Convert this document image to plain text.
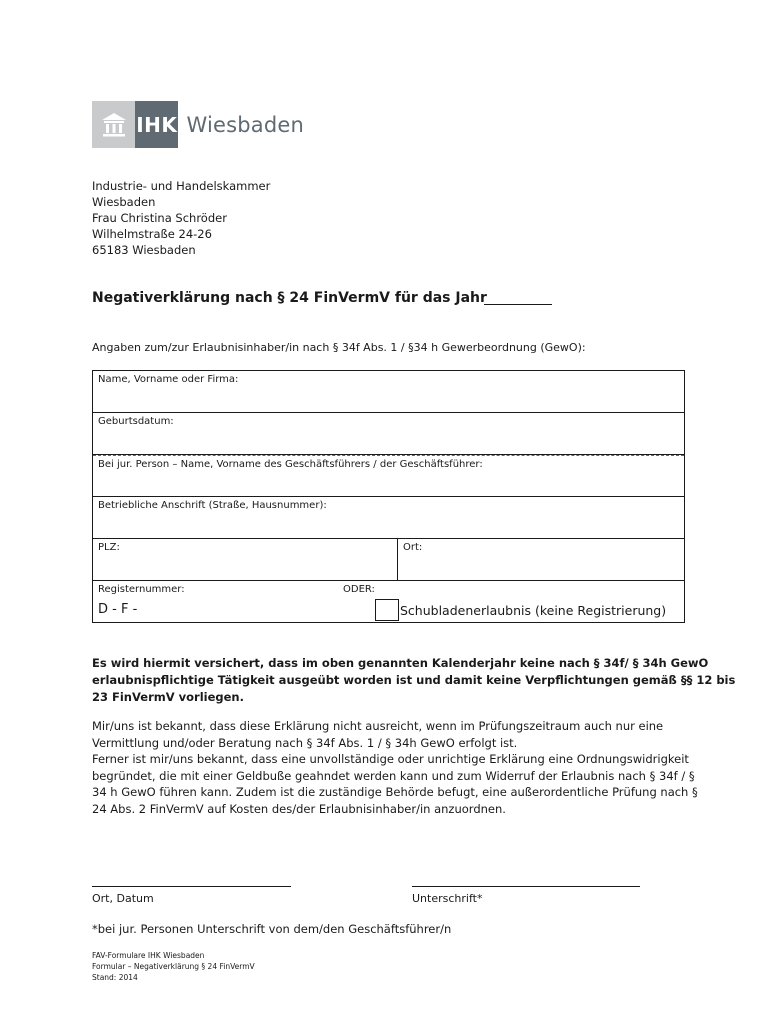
IHK Wiesbaden
Industrie- und Handelskammer
Wiesbaden
Frau Christina Schröder
Wilhelmstraße 24-26
65183 Wiesbaden
Negativerklärung nach § 24 FinVermV für das Jahr
Angaben zum/zur Erlaubnisinhaber/in nach § 34f Abs. 1 / §34 h Gewerbeordnung (GewO):
Name, Vorname oder Firma:
Geburtsdatum:
Bei jur. Person – Name, Vorname des Geschäftsführers / der Geschäftsführer:
Betriebliche Anschrift (Straße, Hausnummer):
PLZ:	Ort:
Registernummer:	ODER:
D - F -	Schubladenerlaubnis (keine Registrierung)
Es wird hiermit versichert, dass im oben genannten Kalenderjahr keine nach § 34f/ § 34h GewO
erlaubnispflichtige Tätigkeit ausgeübt worden ist und damit keine Verpflichtungen gemäß §§ 12 bis
23 FinVermV vorliegen.
Mir/uns ist bekannt, dass diese Erklärung nicht ausreicht, wenn im Prüfungszeitraum auch nur eine
Vermittlung und/oder Beratung nach § 34f Abs. 1 / § 34h GewO erfolgt ist.
Ferner ist mir/uns bekannt, dass eine unvollständige oder unrichtige Erklärung eine Ordnungswidrigkeit
begründet, die mit einer Geldbuße geahndet werden kann und zum Widerruf der Erlaubnis nach § 34f / §
34 h GewO führen kann. Zudem ist die zuständige Behörde befugt, eine außerordentliche Prüfung nach §
24 Abs. 2 FinVermV auf Kosten des/der Erlaubnisinhaber/in anzuordnen.
Ort, Datum	Unterschrift*
*bei jur. Personen Unterschrift von dem/den Geschäftsführer/n
FAV-Formulare IHK Wiesbaden
Formular – Negativerklärung § 24 FinVermV
Stand: 2014
